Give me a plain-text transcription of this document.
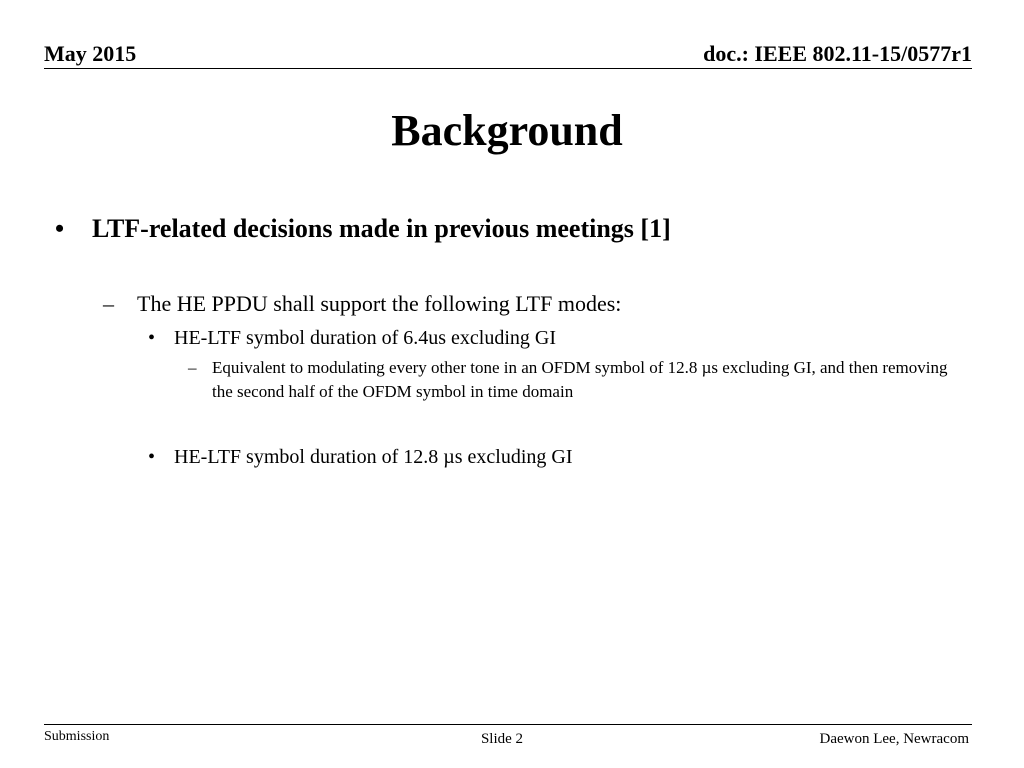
May 2015	doc.: IEEE 802.11-15/0577r1
Background
• LTF-related decisions made in previous meetings [1]
– The HE PPDU shall support the following LTF modes:
• HE-LTF symbol duration of 6.4us excluding GI
– Equivalent to modulating every other tone in an OFDM symbol of 12.8 µs excluding GI, and then removing the second half of the OFDM symbol in time domain
• HE-LTF symbol duration of 12.8 µs excluding GI
Submission	Slide 2	Daewon Lee, Newracom
